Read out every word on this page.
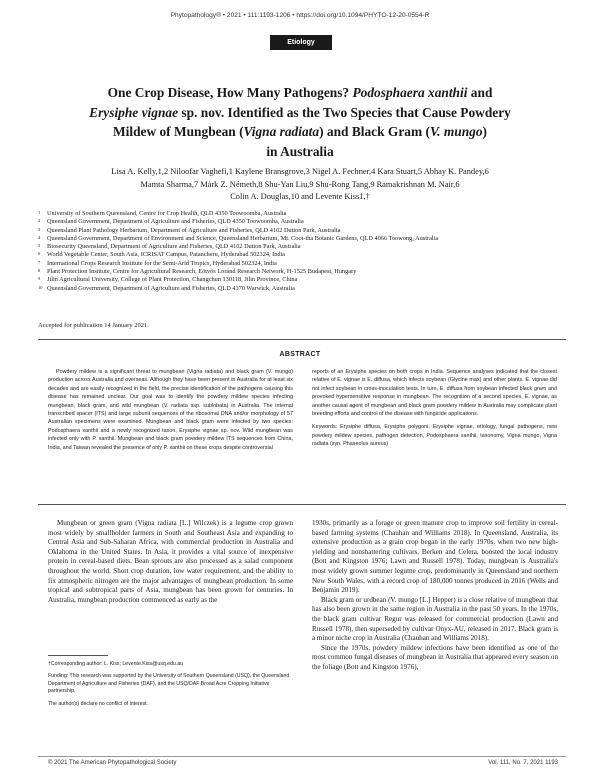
Phytopathology® • 2021 • 111:1193-1206 • https://doi.org/10.1094/PHYTO-12-20-0554-R
Etiology
One Crop Disease, How Many Pathogens? Podosphaera xanthii and
Erysiphe vignae sp. nov. Identified as the Two Species that Cause Powdery
Mildew of Mungbean (Vigna radiata) and Black Gram (V. mungo)
in Australia
Lisa A. Kelly,1,2 Niloofar Vaghefi,1 Kaylene Bransgrove,3 Nigel A. Fechner,4 Kara Stuart,5 Abhay K. Pandey,6
Mamta Sharma,7 Márk Z. Németh,8 Shu-Yan Liu,9 Shu-Rong Tang,9 Ramakrishnan M. Nair,6
Colin A. Douglas,10 and Levente Kiss1,†
1 University of Southern Queensland, Centre for Crop Health, QLD 4350 Toowoomba, Australia
2 Queensland Government, Department of Agriculture and Fisheries, QLD 4350 Toowoomba, Australia
3 Queensland Plant Pathology Herbarium, Department of Agriculture and Fisheries, QLD 4102 Dutton Park, Australia
4 Queensland Government, Department of Environment and Science, Queensland Herbarium, Mt. Coot-tha Botanic Gardens, QLD 4066 Toowong, Australia
5 Biosecurity Queensland, Department of Agriculture and Fisheries, QLD 4102 Dutton Park, Australia
6 World Vegetable Center, South Asia, ICRISAT Campus, Patancheru, Hyderabad 502324, India
7 International Crops Research Institute for the Semi-Arid Tropics, Hyderabad 502324, India
8 Plant Protection Institute, Centre for Agricultural Research, Eötvös Loránd Research Network, H-1525 Budapest, Hungary
9 Jilin Agricultural University, College of Plant Protection, Changchun 130118, Jilin Province, China
10 Queensland Government, Department of Agriculture and Fisheries, QLD 4370 Warwick, Australia
Accepted for publication 14 January 2021.
ABSTRACT
Powdery mildew is a significant threat to mungbean (Vigna radiata) and black gram (V. mungo) production across Australia and overseas. Although they have been present in Australia for at least six decades and are easily recognized in the field, the precise identification of the pathogens causing this disease has remained unclear. Our goal was to identify the powdery mildew species infecting mungbean, black gram, and wild mungbean (V. radiata ssp. sublobata) in Australia. The internal transcribed spacer (ITS) and large subunit sequences of the ribosomal DNA and/or morphology of 57 Australian specimens were examined. Mungbean and black gram were infected by two species: Podosphaera xanthii and a newly recognized taxon, Erysiphe vignae sp. nov. Wild mungbean was infected only with P. xanthii. Mungbean and black gram powdery mildew ITS sequences from China, India, and Taiwan revealed the presence of only P. xanthii on these crops despite controversial
reports of an Erysiphe species on both crops in India. Sequence analyses indicated that the closest relative of E. vignae is E. diffusa, which infects soybean (Glycine max) and other plants. E. vignae did not infect soybean in cross-inoculation tests. In turn, E. diffusa from soybean infected black gram and provoked hypersensitive response in mungbean. The recognition of a second species, E. vignae, as another causal agent of mungbean and black gram powdery mildew in Australia may complicate plant breeding efforts and control of the disease with fungicide applications.
Keywords: Erysiphe diffusa, Erysiphe polygoni, Erysiphe vignae, etiology, fungal pathogens, new powdery mildew species, pathogen detection, Podosphaera xanthii, taxonomy, Vigna mungo, Vigna radiata (syn. Phaseolus aureus)

Mungbean or green gram (Vigna radiata [L.] Wilczek) is a legume crop grown most widely by smallholder farmers in South and Southeast Asia and expanding to Central Asia and Sub-Saharan Africa, with commercial production in Australia and Oklahoma in the United States. In Asia, it provides a vital source of inexpensive protein in cereal-based diets. Bean sprouts are also processed as a salad component throughout the world. Short crop duration, low water requirement, and the ability to fix atmospheric nitrogen are the major advantages of mungbean production. In some tropical and subtropical parts of Asia, mungbean has been grown for centuries. In Australia, mungbean production commenced as early as the

1930s, primarily as a forage or green manure crop to improve soil fertility in cereal-based farming systems (Chauhan and Williams 2018). In Queensland, Australia, its extensive production as a grain crop began in the early 1970s, when two new high-yielding and nonshattering cultivars, Berken and Celera, boosted the local industry (Bott and Kingston 1976; Lawn and Russell 1978). Today, mungbean is Australia's most widely grown summer legume crop, predominantly in Queensland and northern New South Wales, with a record crop of 180,000 tonnes produced in 2016 (Wells and Benjamin 2019).

Black gram or urdbean (V. mungo [L.] Hepper) is a close relative of mungbean that has also been grown in the same region in Australia in the past 50 years. In the 1970s, the black gram cultivar Regur was released for commercial production (Lawn and Russell 1978), then superseded by cultivar Onyx-AU, released in 2017. Black gram is a minor niche crop in Australia (Chauhan and Williams 2018).

Since the 1970s, powdery mildew infections have been identified as one of the most common fungal diseases of mungbean in Australia that appeared every season on the foliage (Bott and Kingston 1976),

†Corresponding author: L. Kiss; Levente.Kiss@usq.edu.au

Funding: This research was supported by the University of Southern Queensland (USQ), the Queensland Department of Agriculture and Fisheries (DAF), and the USQ/DAF Broad Acre Cropping Initiative partnership.

The author(s) declare no conflict of interest.

© 2021 The American Phytopathological Society	Vol. 111, No. 7, 2021 1193
